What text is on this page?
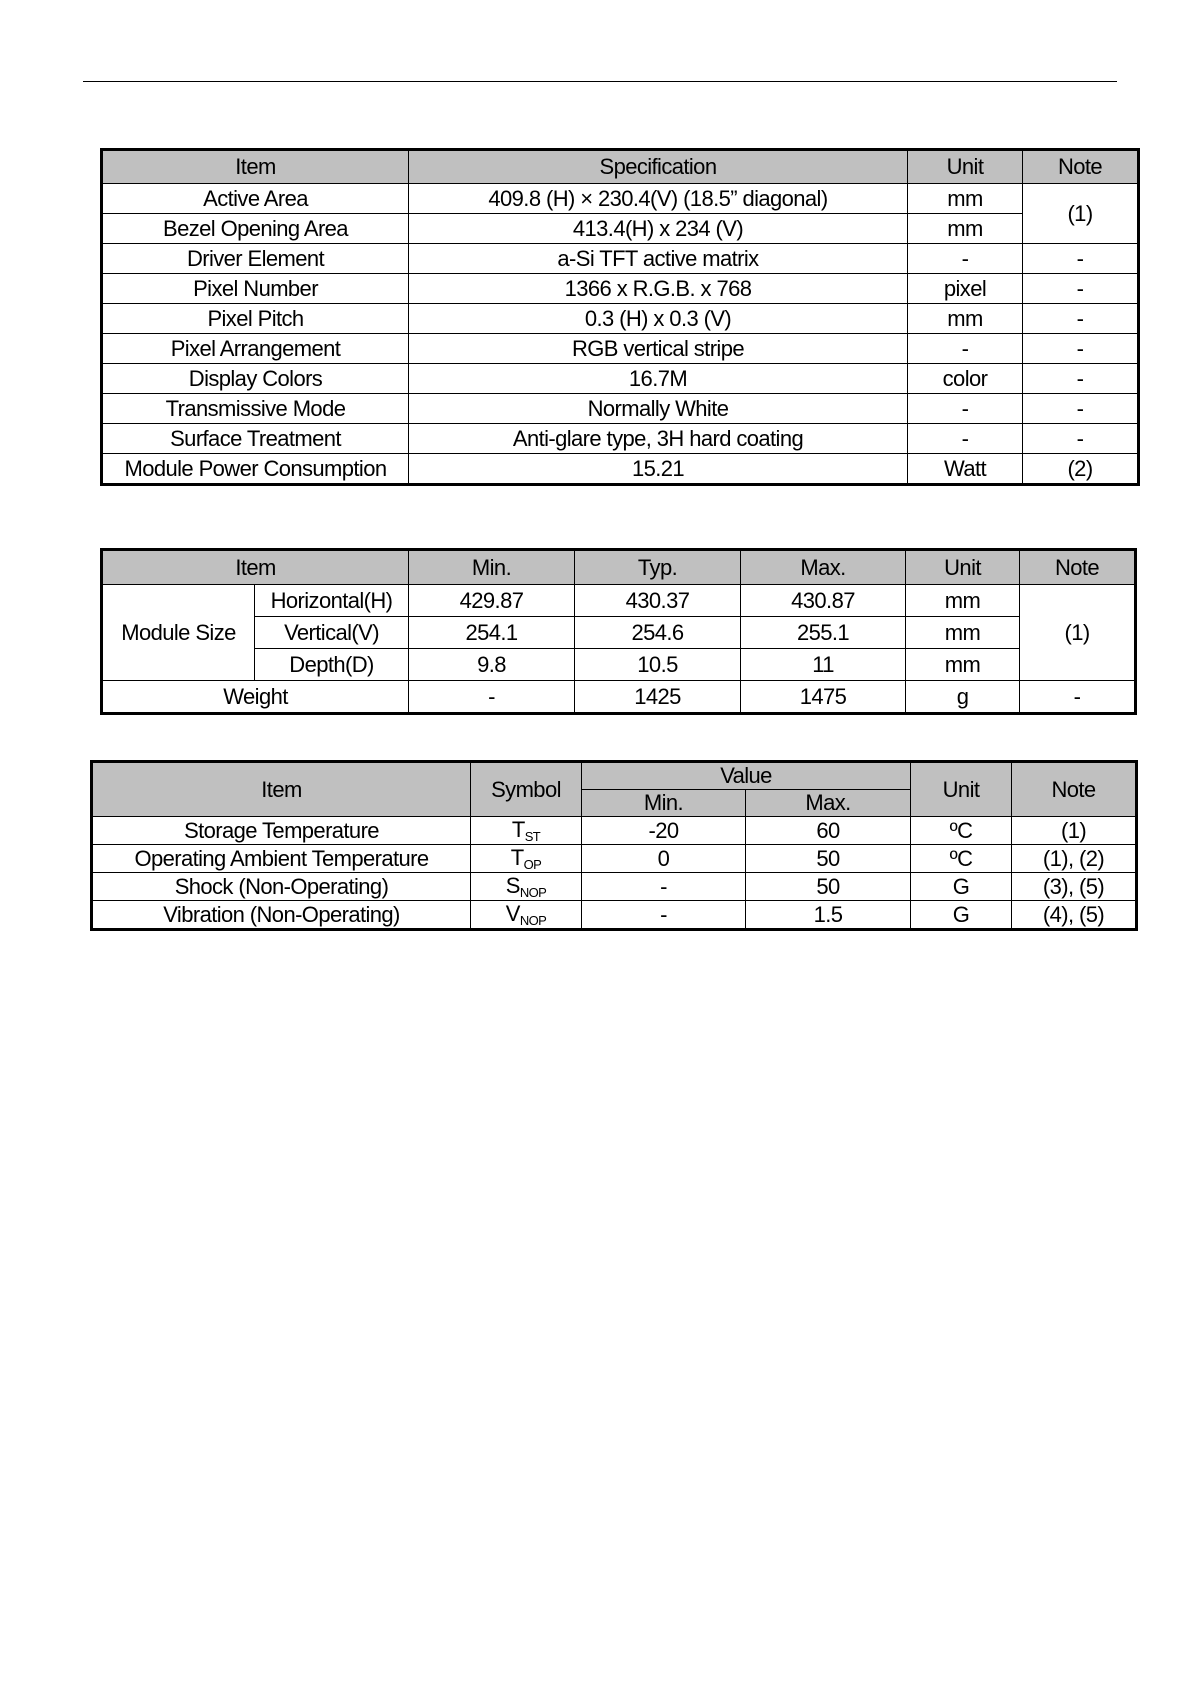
Item	Specification	Unit	Note
Active Area	409.8 (H) × 230.4(V) (18.5” diagonal)	mm	(1)
Bezel Opening Area	413.4(H) x 234 (V)	mm	
Driver Element	a-Si TFT active matrix	-	-
Pixel Number	1366 x R.G.B. x 768	pixel	-
Pixel Pitch	0.3 (H) x 0.3 (V)	mm	-
Pixel Arrangement	RGB vertical stripe	-	-
Display Colors	16.7M	color	-
Transmissive Mode	Normally White	-	-
Surface Treatment	Anti-glare type, 3H hard coating	-	-
Module Power Consumption	15.21	Watt	(2)
Item		Min.	Typ.	Max.	Unit	Note
Module Size	Horizontal(H)	429.87	430.37	430.87	mm	(1)
	Vertical(V)	254.1	254.6	255.1	mm	
	Depth(D)	9.8	10.5	11	mm	
Weight		-	1425	1475	g	-
Item	Symbol	Value		Unit	Note
		Min.	Max.		
Storage Temperature	$T_{ST}$	-20	60	ºC	(1)
Operating Ambient Temperature	$T_{OP}$	0	50	ºC	(1), (2)
Shock (Non-Operating)	$S_{NOP}$	-	50	G	(3), (5)
Vibration (Non-Operating)	$V_{NOP}$	-	1.5	G	(4), (5)
